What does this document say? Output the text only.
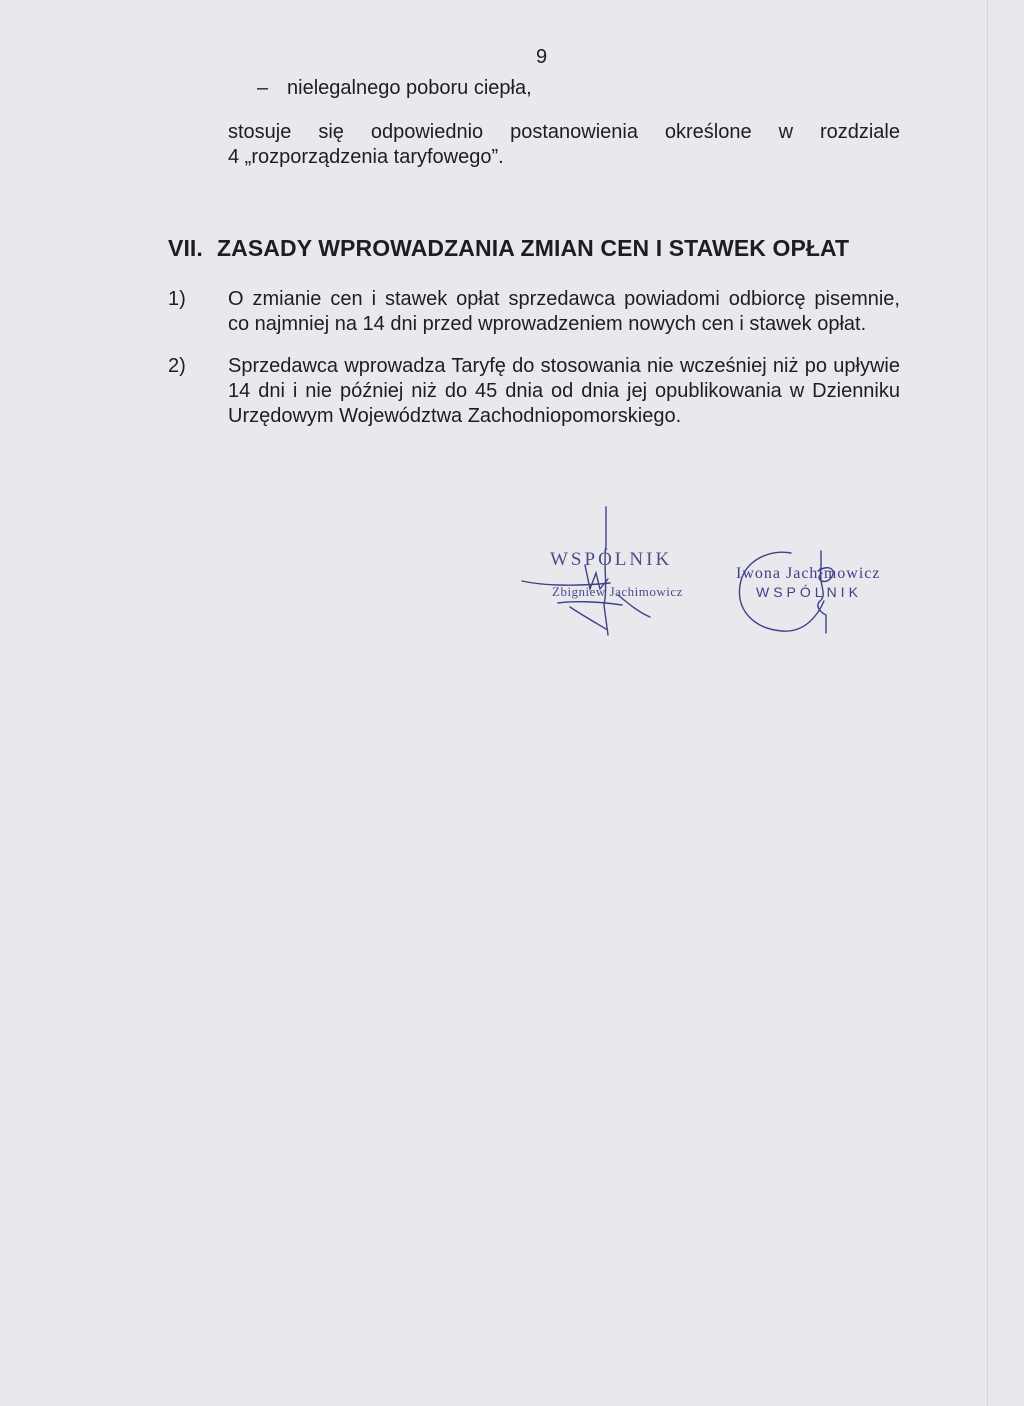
9
– nielegalnego poboru ciepła,
stosuje się odpowiednio postanowienia określone w rozdziale
4 „rozporządzenia taryfowego”.
VII. ZASADY WPROWADZANIA ZMIAN CEN I STAWEK OPŁAT
1) O zmianie cen i stawek opłat sprzedawca powiadomi odbiorcę pisemnie,
co najmniej na 14 dni przed wprowadzeniem nowych cen i stawek opłat.
2) Sprzedawca wprowadza Taryfę do stosowania nie wcześniej niż po upływie
14 dni i nie później niż do 45 dnia od dnia jej opublikowania w Dzienniku
Urzędowym Województwa Zachodniopomorskiego.
WSPÓLNIK
Zbigniew Jachimowicz
Iwona Jachimowicz
WSPÓLNIK
